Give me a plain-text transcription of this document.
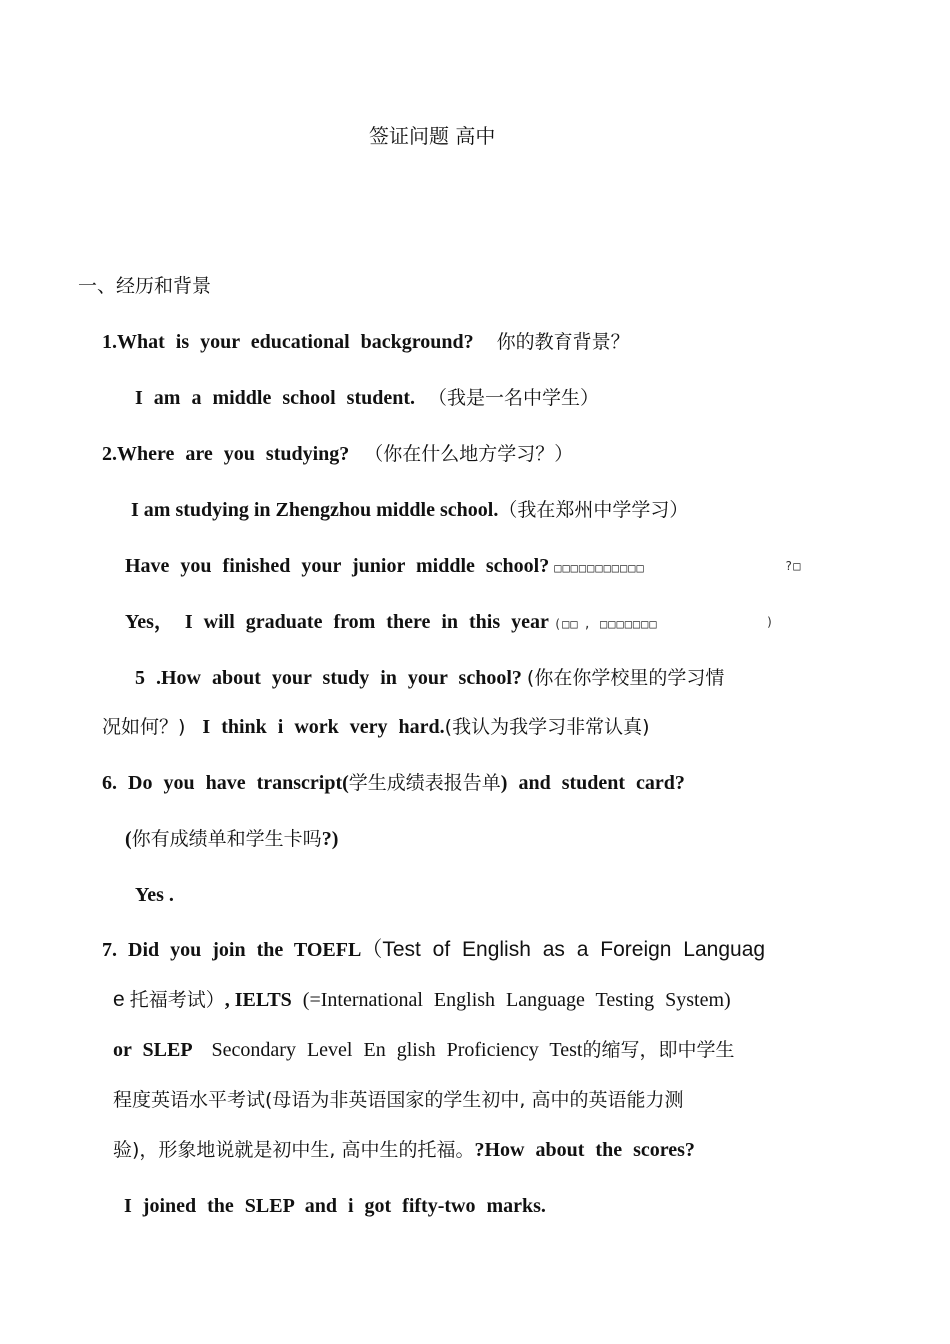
签证问题 高中
一、经历和背景
1.What is your educational background? 你的教育背景？
I am a middle school student. （我是一名中学生）
2.Where are you studying? （你在什么地方学习？）
I am studying in Zhengzhou middle school.（我在郑州中学学习）
Have you finished your junior middle school? □□□□□□□□□□□	?□
Yes， I will graduate from there in this year (□□ , □□□□□□□	)
5 .How about your study in your school? (你在你学校里的学习情
况如何？) I think i work very hard.(我认为我学习非常认真)
6. Do you have transcript(学生成绩表报告单) and student card?
(你有成绩单和学生卡吗?)
Yes .
7. Did you join the TOEFL（Test of English as a Foreign Languag
e 托福考试）, IELTS (=International English Language Testing System)
or SLEP Secondary Level En glish Proficiency Test的缩写，即中学生
程度英语水平考试(母语为非英语国家的学生初中, 高中的英语能力测
验)，形象地说就是初中生, 高中生的托福。?How about the scores?
I joined the SLEP and i got fifty-two marks.
